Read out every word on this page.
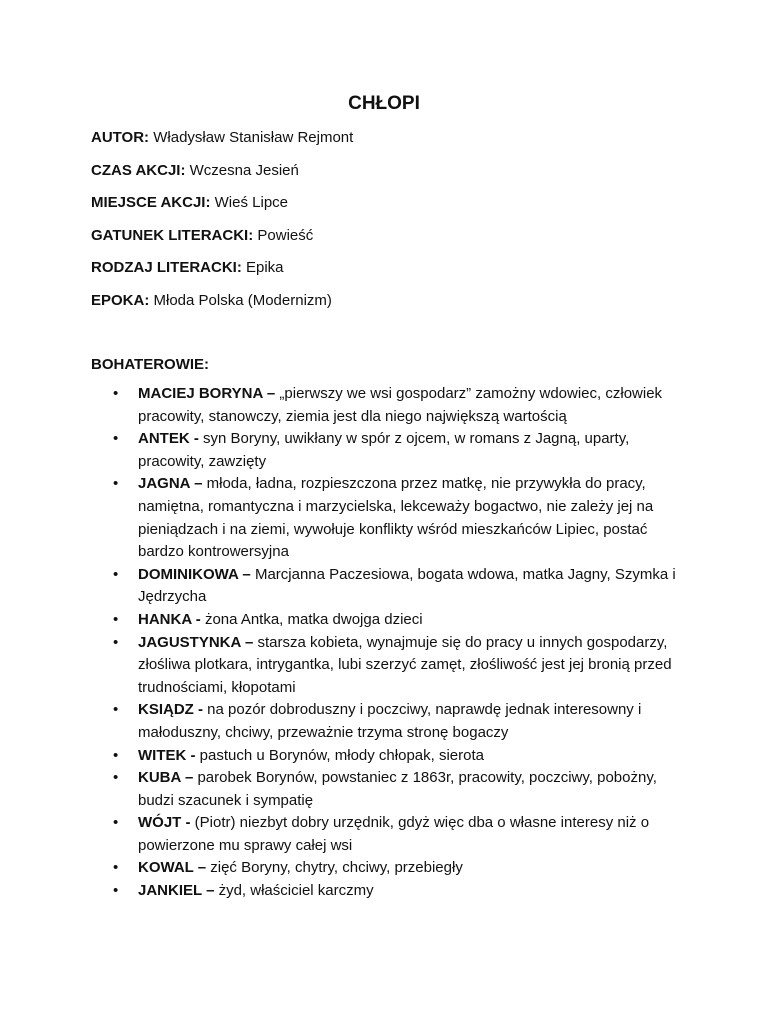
CHŁOPI
AUTOR: Władysław Stanisław Rejmont
CZAS AKCJI: Wczesna Jesień
MIEJSCE AKCJI: Wieś Lipce
GATUNEK LITERACKI: Powieść
RODZAJ LITERACKI: Epika
EPOKA: Młoda Polska (Modernizm)
BOHATEROWIE:
• MACIEJ BORYNA – „pierwszy we wsi gospodarz” zamożny wdowiec, człowiek pracowity, stanowczy, ziemia jest dla niego największą wartością
• ANTEK - syn Boryny, uwikłany w spór z ojcem, w romans z Jagną, uparty, pracowity, zawzięty
• JAGNA – młoda, ładna, rozpieszczona przez matkę, nie przywykła do pracy, namiętna, romantyczna i marzycielska, lekceważy bogactwo, nie zależy jej na pieniądzach i na ziemi, wywołuje konflikty wśród mieszkańców Lipiec, postać bardzo kontrowersyjna
• DOMINIKOWA – Marcjanna Paczesiowa, bogata wdowa, matka Jagny, Szymka i Jędrzycha
• HANKA - żona Antka, matka dwojga dzieci
• JAGUSTYNKA – starsza kobieta, wynajmuje się do pracy u innych gospodarzy, złośliwa plotkara, intrygantka, lubi szerzyć zamęt, złośliwość jest jej bronią przed trudnościami, kłopotami
• KSIĄDZ - na pozór dobroduszny i poczciwy, naprawdę jednak interesowny i małoduszny, chciwy, przeważnie trzyma stronę bogaczy
• WITEK - pastuch u Borynów, młody chłopak, sierota
• KUBA – parobek Borynów, powstaniec z 1863r, pracowity, poczciwy, pobożny, budzi szacunek i sympatię
• WÓJT - (Piotr) niezbyt dobry urzędnik, gdyż więc dba o własne interesy niż o powierzone mu sprawy całej wsi
• KOWAL – zięć Boryny, chytry, chciwy, przebiegły
• JANKIEL – żyd, właściciel karczmy
